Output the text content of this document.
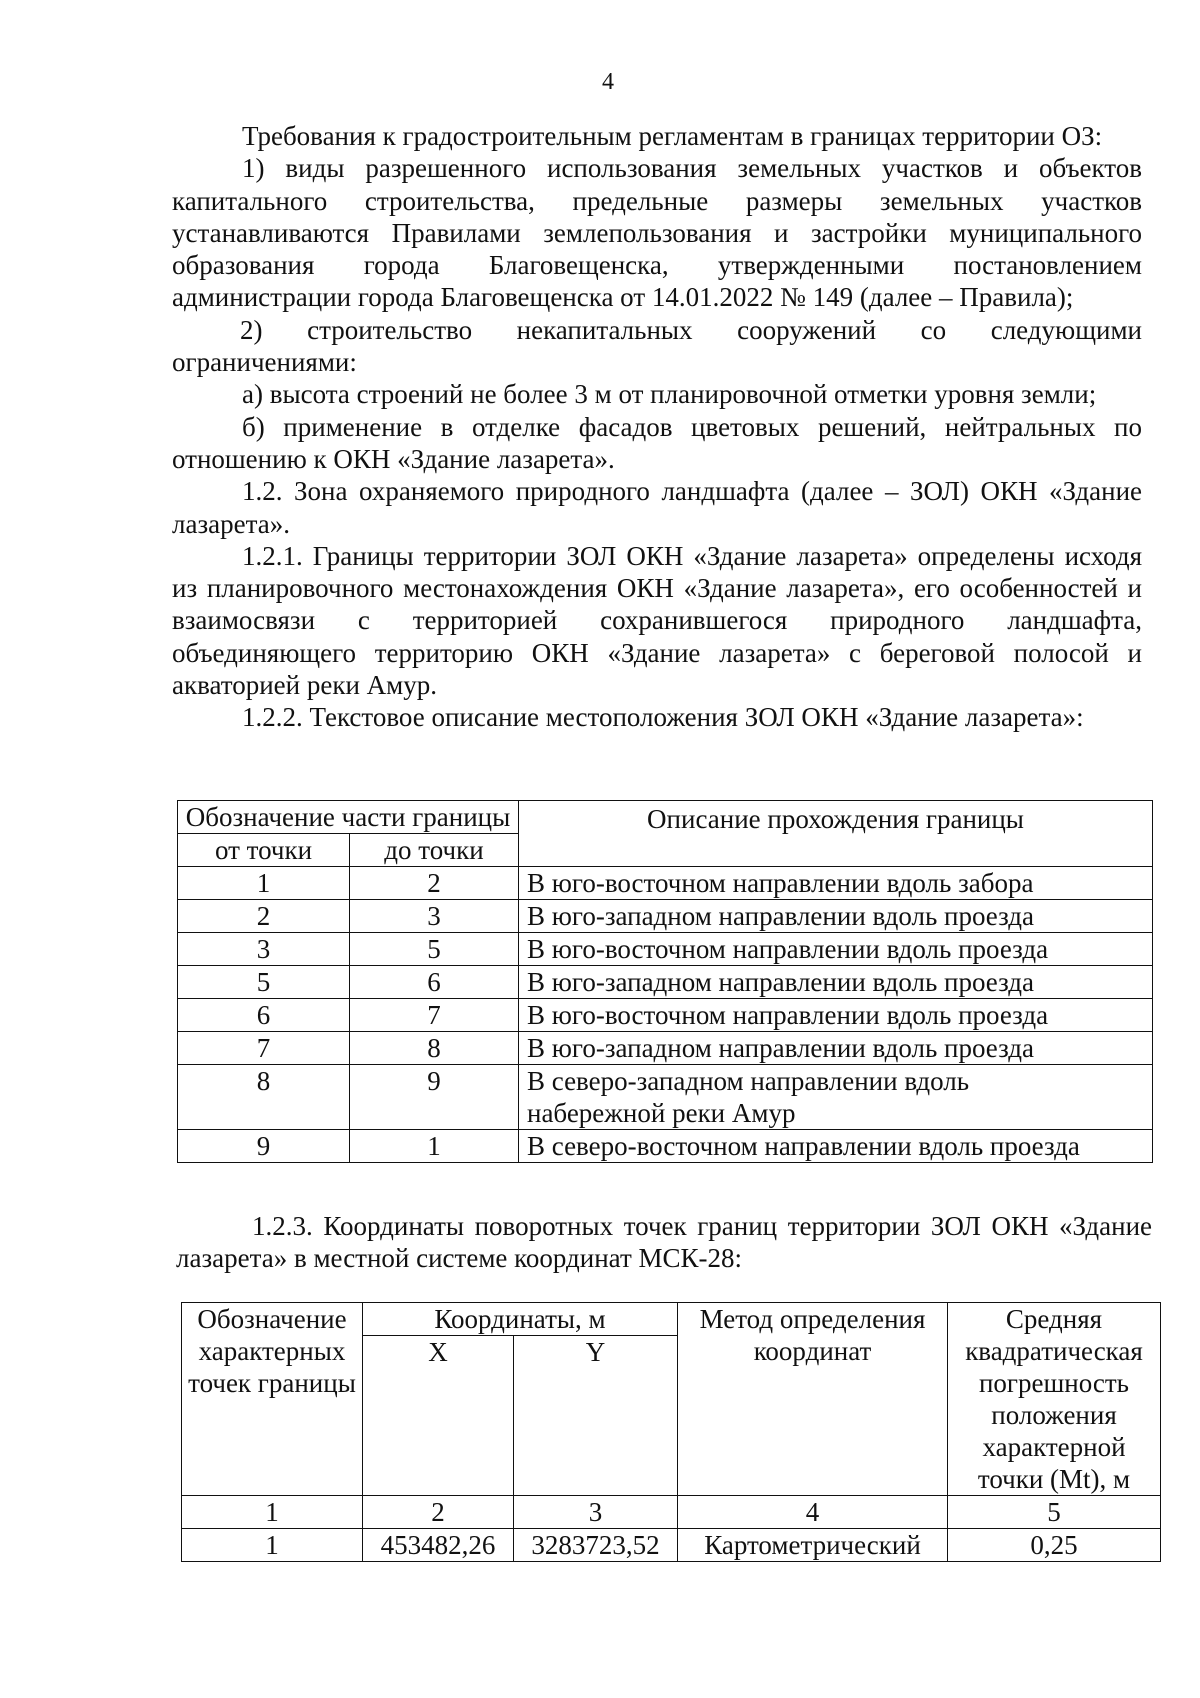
4

Требования к градостроительным регламентам в границах территории ОЗ:

1) виды разрешенного использования земельных участков и объектов капитального строительства, предельные размеры земельных участков устанавливаются Правилами землепользования и застройки муниципального образования города Благовещенска, утвержденными постановлением администрации города Благовещенска от 14.01.2022 № 149 (далее – Правила);

2) строительство некапитальных сооружений со следующими ограничениями:

а) высота строений не более 3 м от планировочной отметки уровня земли;

б) применение в отделке фасадов цветовых решений, нейтральных по отношению к ОКН «Здание лазарета».

1.2. Зона охраняемого природного ландшафта (далее – ЗОЛ) ОКН «Здание лазарета».

1.2.1. Границы территории ЗОЛ ОКН «Здание лазарета» определены исходя из планировочного местонахождения ОКН «Здание лазарета», его особенностей и взаимосвязи с территорией сохранившегося природного ландшафта, объединяющего территорию ОКН «Здание лазарета» с береговой полосой и акваторией реки Амур.

1.2.2. Текстовое описание местоположения ЗОЛ ОКН «Здание лазарета»:

Обозначение части границы		Описание прохождения границы
от точки	до точки	
1	2	В юго-восточном направлении вдоль забора
2	3	В юго-западном направлении вдоль проезда
3	5	В юго-восточном направлении вдоль проезда
5	6	В юго-западном направлении вдоль проезда
6	7	В юго-восточном направлении вдоль проезда
7	8	В юго-западном направлении вдоль проезда
8	9	В северо-западном направлении вдоль набережной реки Амур
9	1	В северо-восточном направлении вдоль проезда

1.2.3. Координаты поворотных точек границ территории ЗОЛ ОКН «Здание лазарета» в местной системе координат МСК-28:

Обозначение характерных точек границы	Координаты, м		Метод определения координат	Средняя квадратическая погрешность положения характерной точки (Mt), м
	X	Y		
1	2	3	4	5
1	453482,26	3283723,52	Картометрический	0,25
